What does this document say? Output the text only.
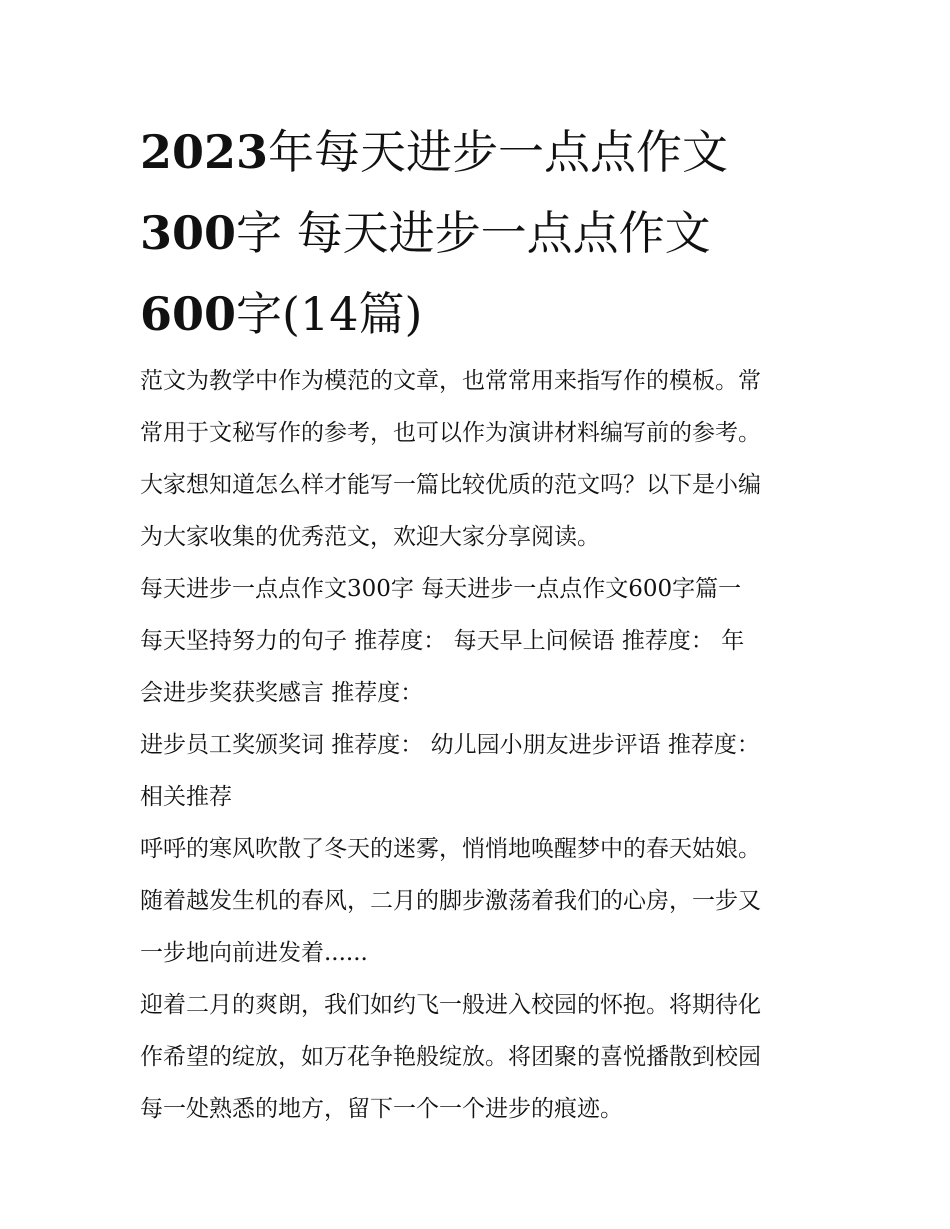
2023年每天进步一点点作文
300字 每天进步一点点作文
600字(14篇)
范文为教学中作为模范的文章，也常常用来指写作的模板。常
常用于文秘写作的参考，也可以作为演讲材料编写前的参考。
大家想知道怎么样才能写一篇比较优质的范文吗？以下是小编
为大家收集的优秀范文，欢迎大家分享阅读。
每天进步一点点作文300字 每天进步一点点作文600字篇一
每天坚持努力的句子 推荐度： 每天早上问候语 推荐度： 年
会进步奖获奖感言 推荐度：
进步员工奖颁奖词 推荐度： 幼儿园小朋友进步评语 推荐度：
相关推荐
呼呼的寒风吹散了冬天的迷雾，悄悄地唤醒梦中的春天姑娘。
随着越发生机的春风，二月的脚步激荡着我们的心房，一步又
一步地向前进发着......
迎着二月的爽朗，我们如约飞一般进入校园的怀抱。将期待化
作希望的绽放，如万花争艳般绽放。将团聚的喜悦播散到校园
每一处熟悉的地方，留下一个一个进步的痕迹。
